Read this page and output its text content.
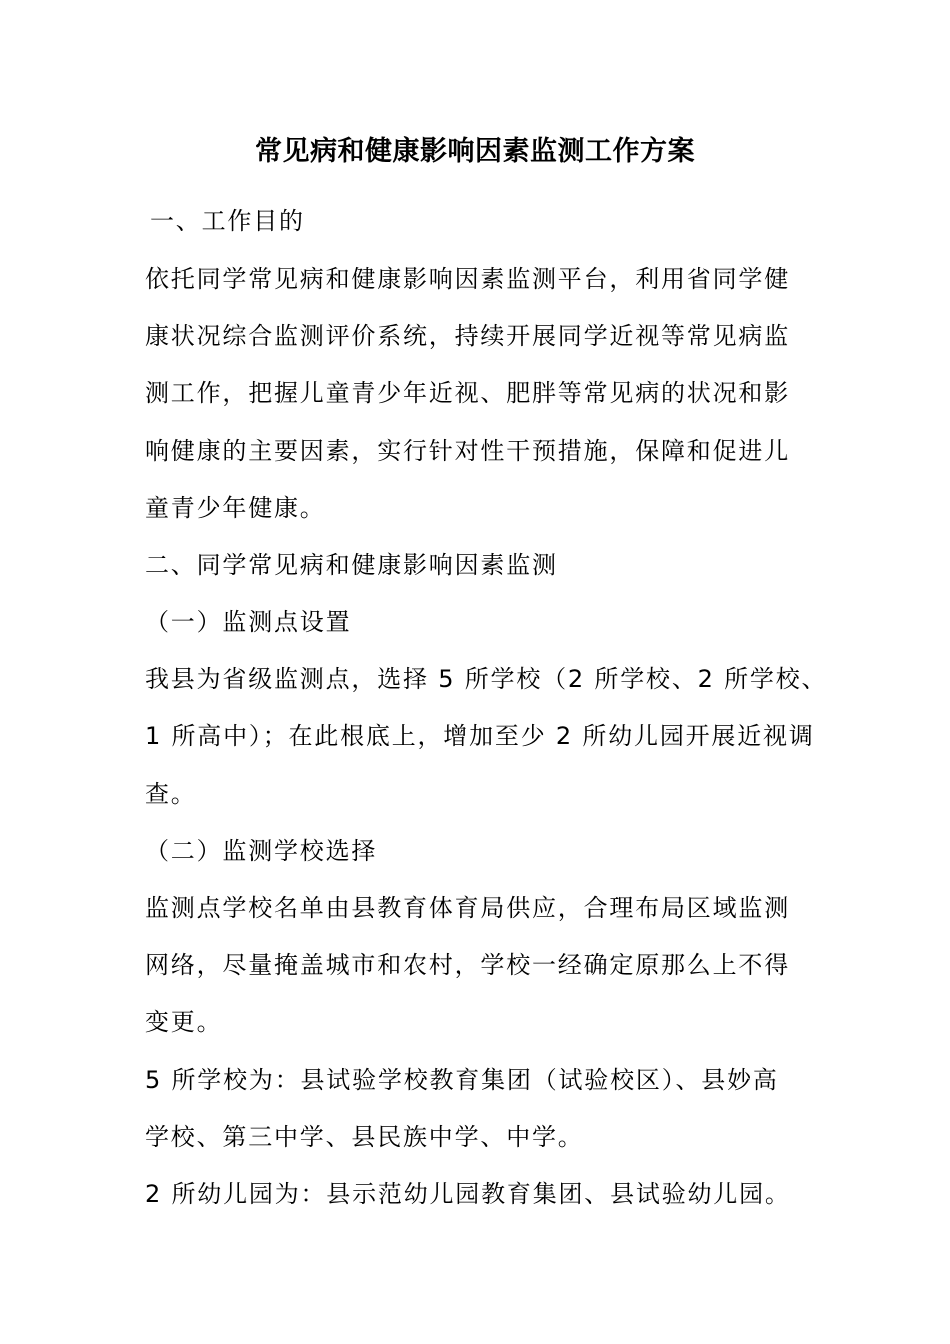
常见病和健康影响因素监测工作方案
一、工作目的
依托同学常见病和健康影响因素监测平台，利用省同学健
康状况综合监测评价系统，持续开展同学近视等常见病监
测工作，把握儿童青少年近视、肥胖等常见病的状况和影
响健康的主要因素，实行针对性干预措施，保障和促进儿
童青少年健康。
二、同学常见病和健康影响因素监测
（一）监测点设置
我县为省级监测点，选择 5 所学校（2 所学校、2 所学校、
1 所高中）；在此根底上，增加至少 2 所幼儿园开展近视调
查。
（二）监测学校选择
监测点学校名单由县教育体育局供应，合理布局区域监测
网络，尽量掩盖城市和农村，学校一经确定原那么上不得
变更。
5 所学校为：县试验学校教育集团（试验校区）、县妙高
学校、第三中学、县民族中学、中学。
2 所幼儿园为：县示范幼儿园教育集团、县试验幼儿园。
